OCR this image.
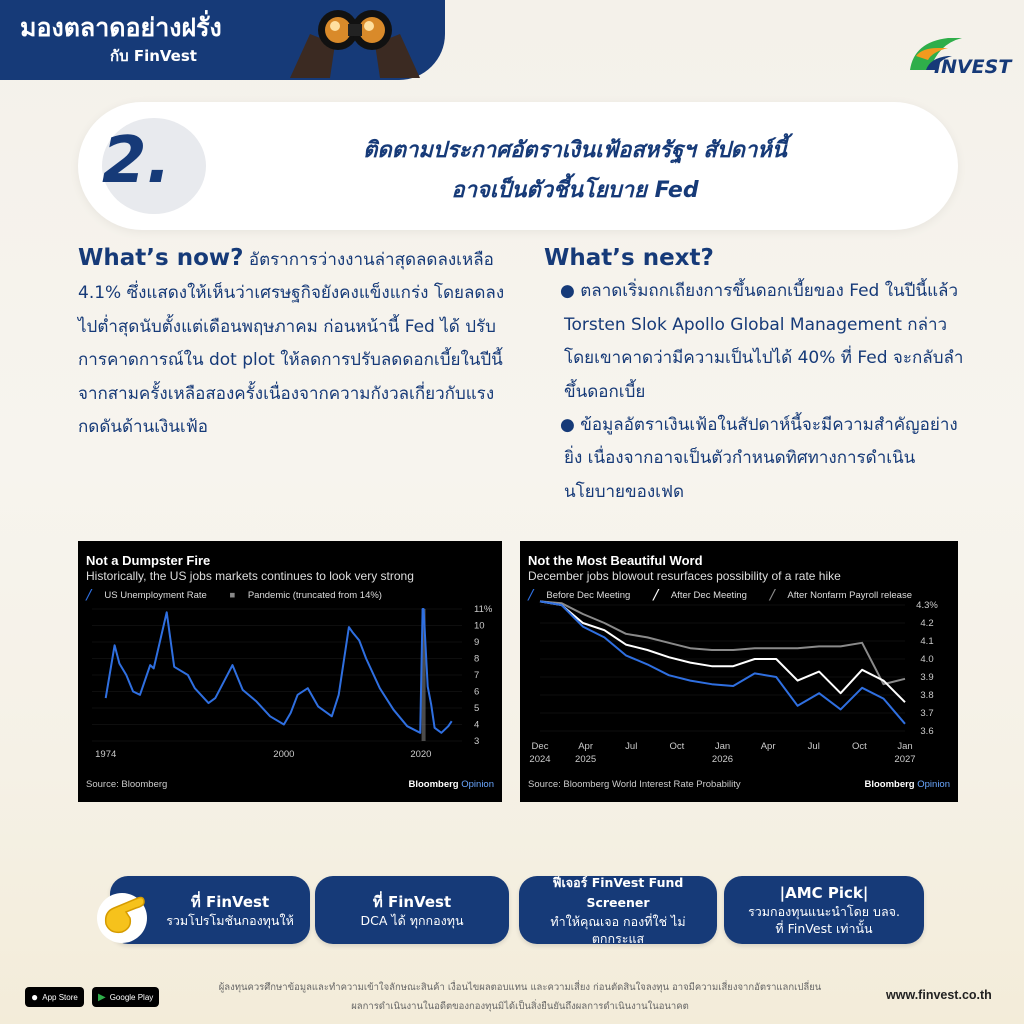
มองตลาดอย่างฝรั่ง
กับ FinVest	INVEST
2.	ติดตามประกาศอัตราเงินเฟ้อสหรัฐฯ สัปดาห์นี้
อาจเป็นตัวชี้นโยบาย Fed
What’s now? อัตราการว่างงานล่าสุดลดลงเหลือ 4.1% ซึ่งแสดงให้เห็นว่าเศรษฐกิจยังคงแข็งแกร่ง โดยลดลงไปต่ำสุดนับตั้งแต่เดือนพฤษภาคม ก่อนหน้านี้ Fed ได้ ปรับการคาดการณ์ใน dot plot ให้ลดการปรับลดดอกเบี้ยในปีนี้จากสามครั้งเหลือสองครั้งเนื่องจากความกังวลเกี่ยวกับแรงกดดันด้านเงินเฟ้อ
What’s next?
● ตลาดเริ่มถกเถียงการขึ้นดอกเบี้ยของ Fed ในปีนี้แล้ว Torsten Slok Apollo Global Management กล่าว โดยเขาคาดว่ามีความเป็นไปได้ 40% ที่ Fed จะกลับลำขึ้นดอกเบี้ย
● ข้อมูลอัตราเงินเฟ้อในสัปดาห์นี้จะมีความสำคัญอย่างยิ่ง เนื่องจากอาจเป็นตัวกำหนดทิศทางการดำเนินนโยบายของเฟด
Not a Dumpster Fire
Historically, the US jobs markets continues to look very strong
╱ US Unemployment Rate ■ Pandemic (truncated from 14%)
3
4
5
6
7
8
9
10
11%
1974	2000	2020
Source: Bloomberg	Bloomberg Opinion
Not the Most Beautiful Word
December jobs blowout resurfaces possibility of a rate hike
╱ Before Dec Meeting ╱ After Dec Meeting ╱ After Nonfarm Payroll release
3.6
3.7
3.8
3.9
4.0
4.1
4.2
4.3%
Dec
2024
Apr
2025
Jul	Oct	Jan
2026
Apr	Jul	Oct	Jan
2027
Source: Bloomberg World Interest Rate Probability	Bloomberg Opinion
ที่ FinVest
รวมโปรโมชันกองทุนให้
ที่ FinVest
DCA ได้ ทุกกองทุน
ฟีเจอร์ FinVest Fund Screener
ทำให้คุณเจอ กองที่ใช่ ไม่ตกกระแส
|AMC Pick|
รวมกองทุนแนะนำโดย บลจ. ที่ FinVest เท่านั้น
● App Store ▶ Google Play
ผู้ลงทุนควรศึกษาข้อมูลและทำความเข้าใจลักษณะสินค้า เงื่อนไขผลตอบแทน และความเสี่ยง ก่อนตัดสินใจลงทุน อาจมีความเสี่ยงจากอัตราแลกเปลี่ยน
ผลการดำเนินงานในอดีตของกองทุนมิได้เป็นสิ่งยืนยันถึงผลการดำเนินงานในอนาคต
www.finvest.co.th
